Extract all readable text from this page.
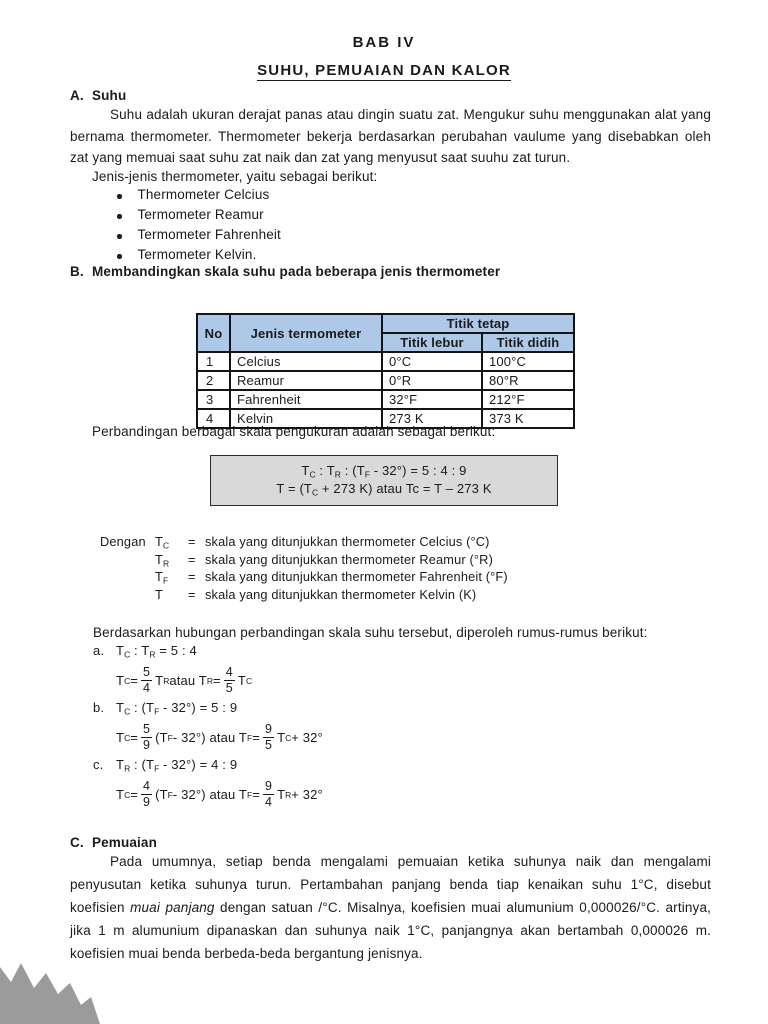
BAB IV
SUHU, PEMUAIAN DAN KALOR
A. Suhu
Suhu adalah ukuran derajat panas atau dingin suatu zat. Mengukur suhu menggunakan alat yang bernama thermometer. Thermometer bekerja berdasarkan perubahan vaulume yang disebabkan oleh zat yang memuai saat suhu zat naik dan zat yang menyusut saat suuhu zat turun.
Jenis-jenis thermometer, yaitu sebagai berikut:
Thermometer Celcius
Termometer Reamur
Termometer Fahrenheit
Termometer Kelvin.
B. Membandingkan skala suhu pada beberapa jenis thermometer
No	Jenis termometer	Titik tetap	
		Titik lebur	Titik didih
1	Celcius	0°C	100°C
2	Reamur	0°R	80°R
3	Fahrenheit	32°F	212°F
4	Kelvin	273 K	373 K
Perbandingan berbagai skala pengukuran adalah sebagai berikut:
TC : TR : (TF - 32°) = 5 : 4 : 9
T = (TC + 273 K) atau Tc = T – 273 K
Dengan TC	= skala yang ditunjukkan thermometer Celcius (°C)
TR	= skala yang ditunjukkan thermometer Reamur (°R)
TF	= skala yang ditunjukkan thermometer Fahrenheit (°F)
T	= skala yang ditunjukkan thermometer Kelvin (K)
Berdasarkan hubungan perbandingan skala suhu tersebut, diperoleh rumus-rumus berikut:
a. TC : TR = 5 : 4
T $C = \frac{5}{4}$ T R atau T $R = \frac{4}{5}$ T C
b. TC : (TF - 32°) = 5 : 9
T $C = \frac{5}{9} (T$ F - 32°) atau T $F = \frac{9}{5}$ T C + 32°
c. TR : (TF - 32°) = 4 : 9
T $C = \frac{4}{9} (T$ F - 32°) atau T $F = \frac{9}{4}$ T R + 32°
C. Pemuaian
Pada umumnya, setiap benda mengalami pemuaian ketika suhunya naik dan mengalami penyusutan ketika suhunya turun. Pertambahan panjang benda tiap kenaikan suhu 1°C, disebut koefisien muai panjang dengan satuan /°C. Misalnya, koefisien muai alumunium 0,000026/°C. artinya, jika 1 m alumunium dipanaskan dan suhunya naik 1°C, panjangnya akan bertambah 0,000026 m. koefisien muai benda berbeda-beda bergantung jenisnya.
